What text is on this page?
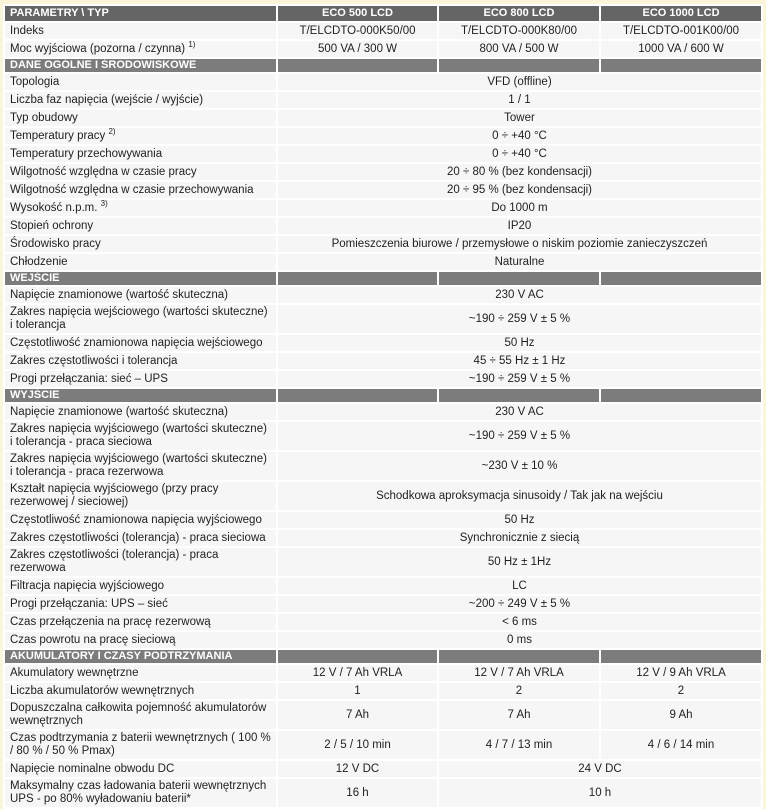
PARAMETRY \ TYP	ECO 500 LCD	ECO 800 LCD	ECO 1000 LCD
Indeks	T/ELCDTO-000K50/00	T/ELCDTO-000K80/00	T/ELCDTO-001K00/00
Moc wyjściowa (pozorna / czynna) $^{1)}$	500 VA / 300 W	800 VA / 500 W	1000 VA / 600 W
DANE OGÓLNE I ŚRODOWISKOWE			
Topologia	VFD (offline)		
Liczba faz napięcia (wejście / wyjście)	1 / 1		
Typ obudowy	Tower		
Temperatury pracy $^{2)}$	0 ÷ +40 °C		
Temperatury przechowywania	0 ÷ +40 °C		
Wilgotność względna w czasie pracy	20 ÷ 80 % (bez kondensacji)		
Wilgotność względna w czasie przechowywania	20 ÷ 95 % (bez kondensacji)		
Wysokość n.p.m. $^{3)}$	Do 1000 m		
Stopień ochrony	IP20		
Środowisko pracy	Pomieszczenia biurowe / przemysłowe o niskim poziomie zanieczyszczeń		
Chłodzenie	Naturalne		
WEJŚCIE			
Napięcie znamionowe (wartość skuteczna)	230 V AC		
Zakres napięcia wejściowego (wartości skuteczne) i tolerancja	~190 ÷ 259 V ± 5 %		
Częstotliwość znamionowa napięcia wejściowego	50 Hz		
Zakres częstotliwości i tolerancja	45 ÷ 55 Hz ± 1 Hz		
Progi przełączania: sieć – UPS	~190 ÷ 259 V ± 5 %		
WYJŚCIE			
Napięcie znamionowe (wartość skuteczna)	230 V AC		
Zakres napięcia wyjściowego (wartości skuteczne) i tolerancja - praca sieciowa	~190 ÷ 259 V ± 5 %		
Zakres napięcia wyjściowego (wartości skuteczne) i tolerancja - praca rezerwowa	~230 V ± 10 %		
Kształt napięcia wyjściowego (przy pracy rezerwowej / sieciowej)	Schodkowa aproksymacja sinusoidy / Tak jak na wejściu		
Częstotliwość znamionowa napięcia wyjściowego	50 Hz		
Zakres częstotliwości (tolerancja) - praca sieciowa	Synchronicznie z siecią		
Zakres częstotliwości (tolerancja) - praca rezerwowa	50 Hz ± 1Hz		
Filtracja napięcia wyjściowego	LC		
Progi przełączania: UPS – sieć	~200 ÷ 249 V ± 5 %		
Czas przełączenia na pracę rezerwową	< 6 ms		
Czas powrotu na pracę sieciową	0 ms		
AKUMULATORY I CZASY PODTRZYMANIA			
Akumulatory wewnętrzne	12 V / 7 Ah VRLA	12 V / 7 Ah VRLA	12 V / 9 Ah VRLA
Liczba akumulatorów wewnętrznych	1	2	2
Dopuszczalna całkowita pojemność akumulatorów wewnętrznych	7 Ah	7 Ah	9 Ah
Czas podtrzymania z baterii wewnętrznych ( 100 % / 80 % / 50 % Pmax)	2 / 5 / 10 min	4 / 7 / 13 min	4 / 6 / 14 min
Napięcie nominalne obwodu DC	12 V DC	24 V DC	
Maksymalny czas ładowania baterii wewnętrznych UPS - po 80% wyładowaniu baterii*	16 h	10 h	
